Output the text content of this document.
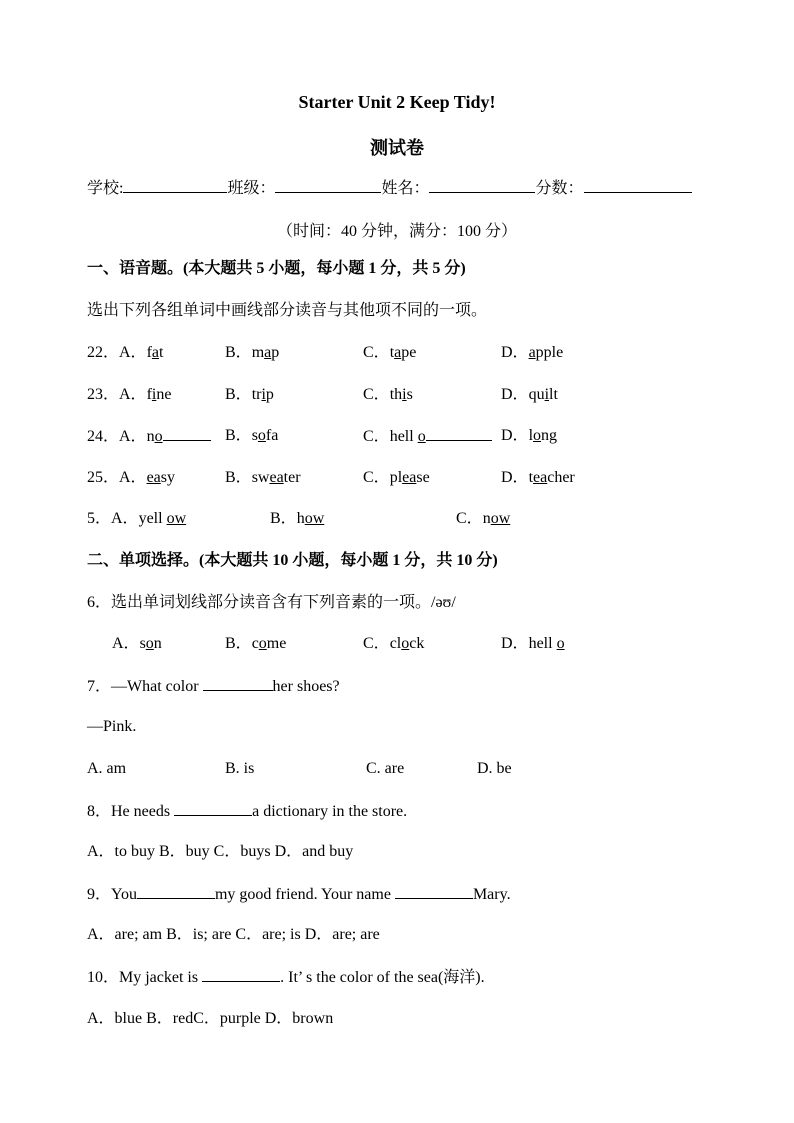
Starter Unit 2 Keep Tidy!
测试卷
学校:	班级：	姓名：	分数：
（时间：40 分钟，满分：100 分）
一、语音题。(本大题共 5 小题，每小题 1 分，共 5 分)
选出下列各组单词中画线部分读音与其他项不同的一项。
22．A．fat	B．map	C．tape	D．apple
23．A．fine	B．trip	C．this	D．quilt
24．A．no	B．sofa	C．hell o	D．long
25．A．easy	B．sweater	C．please	D．teacher
5．A．yell ow	B．how	C．now
二、单项选择。(本大题共 10 小题，每小题 1 分，共 10 分)
6．选出单词划线部分读音含有下列音素的一项。/əʊ/
A．son	B．come	C．clock	D．hell o
7．—What color	her shoes?
—Pink.
A. am	B. is	C. are	D. be
8．He needs	a dictionary in the store.
A．to buy B．buy C．buys D．and buy
9．You	my good friend. Your name	Mary.
A．are; am B．is; are C．are; is D．are; are
10．My jacket is	. It’ s the color of the sea(海洋).
A．blue B．redC．purple D．brown
